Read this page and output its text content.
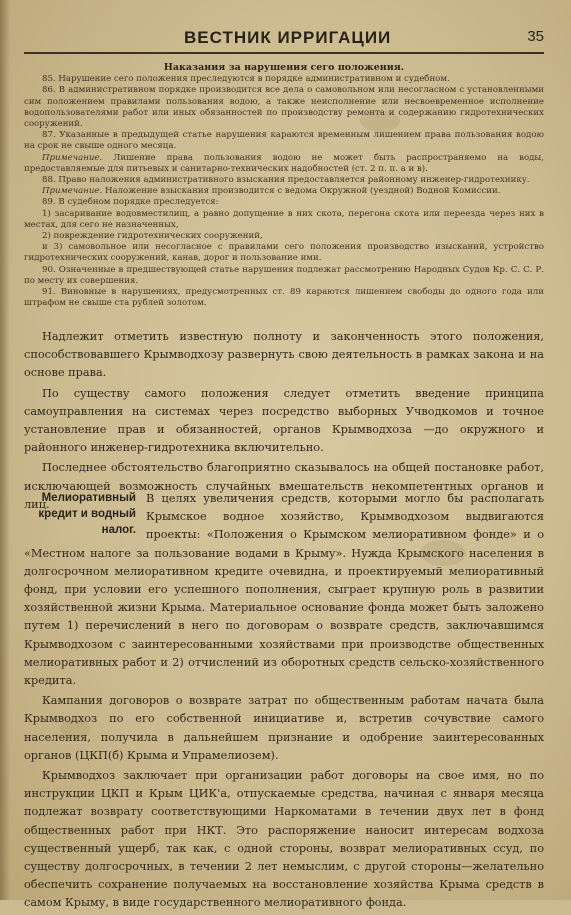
ВЕСТНИК ИРРИГАЦИИ	35
Наказания за нарушения сего положения.

85. Нарушение сего положения преследуются в порядке административном и судебном.

86. В административном порядке производится все дела о самовольном или несогласном с установленными сим положением правилами пользования водою, а также неисполнение или несвоевременное исполнение водопользователями работ или иных обязанностей по производству ремонта и содержанию гидротехнических сооружений.

87. Указанные в предыдущей статье нарушения караются временным лишением права пользования водою на срок не свыше одного месяца.

Примечание. Лишение права пользования водою не может быть распространяемо на воды, предоставляемые для питьевых и санитарно-технических надобностей (ст. 2 п. п. а и в).

88. Право наложения административного взыскания предоставляется районному инженер-гидротехнику.

Примечание. Наложение взыскания производится с ведома Окружной (уездной) Водной Комиссии.

89. В судебном порядке преследуется:

1) засаривание водовместилищ, а равно допущение в них скота, перегона скота или переезда через них в местах, для сего не назначенных,

2) повреждение гидротехнических сооружений,

и 3) самовольное или несогласное с правилами сего положения производство изысканий, устройство гидротехнических сооружений, канав, дорог и пользование ими.

90. Означенные в предшествующей статье нарушения подлежат рассмотрению Народных Судов Кр. С. С. Р. по месту их совершения.

91. Виновные в нарушениях, предусмотренных ст. 89 караются лишением свободы до одного года или штрафом не свыше ста рублей золотом.

Надлежит отметить известную полноту и законченность этого положения, способствовавшего Крымводхозу развернуть свою деятельность в рамках закона и на основе права.

По существу самого положения следует отметить введение принципа самоуправления на системах через посредство выборных Учводкомов и точное установление прав и обязанностей, органов Крымводхоза —до окружного и районного инженер-гидротехника включительно.

Последнее обстоятельство благоприятно сказывалось на общей постановке работ, исключающей возможность случайных вмешательств некомпетентных органов и лиц.

Мелиоративный кредит и водный налог.

В целях увеличения средств, которыми могло бы располагать Крымское водное хозяйство, Крымводхозом выдвигаются проекты: «Положения о Крымском мелиоративном фонде» и о «Местном налоге за пользование водами в Крыму». Нужда Крымского населения в долгосрочном мелиоративном кредите очевидна, и проектируемый мелиоративный фонд, при условии его успешного пополнения, сыграет крупную роль в развитии хозяйственной жизни Крыма. Материальное основание фонда может быть заложено путем 1) перечислений в него по договорам о возврате средств, заключавшимся Крымводхозом с заинтересованными хозяйствами при производстве общественных мелиоративных работ и 2) отчислений из оборотных средств сельско-хозяйственного кредита.

Кампания договоров о возврате затрат по общественным работам начата была Крымводхоз по его собственной инициативе и, встретив сочувствие самого населения, получила в дальнейшем признание и одобрение заинтересованных органов (ЦКП(б) Крыма и Упрамелиозем).

Крымводхоз заключает при организации работ договоры на свое имя, но по инструкции ЦКП и Крым ЦИК'а, отпускаемые средства, начиная с января месяца подлежат возврату соответствующими Наркоматами в течении двух лет в фонд общественных работ при НКТ. Это распоряжение наносит интересам водхоза существенный ущерб, так как, с одной стороны, возврат мелиоративных ссуд, по существу долгосрочных, в течении 2 лет немыслим, с другой стороны—желательно обеспечить сохранение получаемых на восстановление хозяйства Крыма средств в самом Крыму, в виде государственного мелиоративного фонда.
